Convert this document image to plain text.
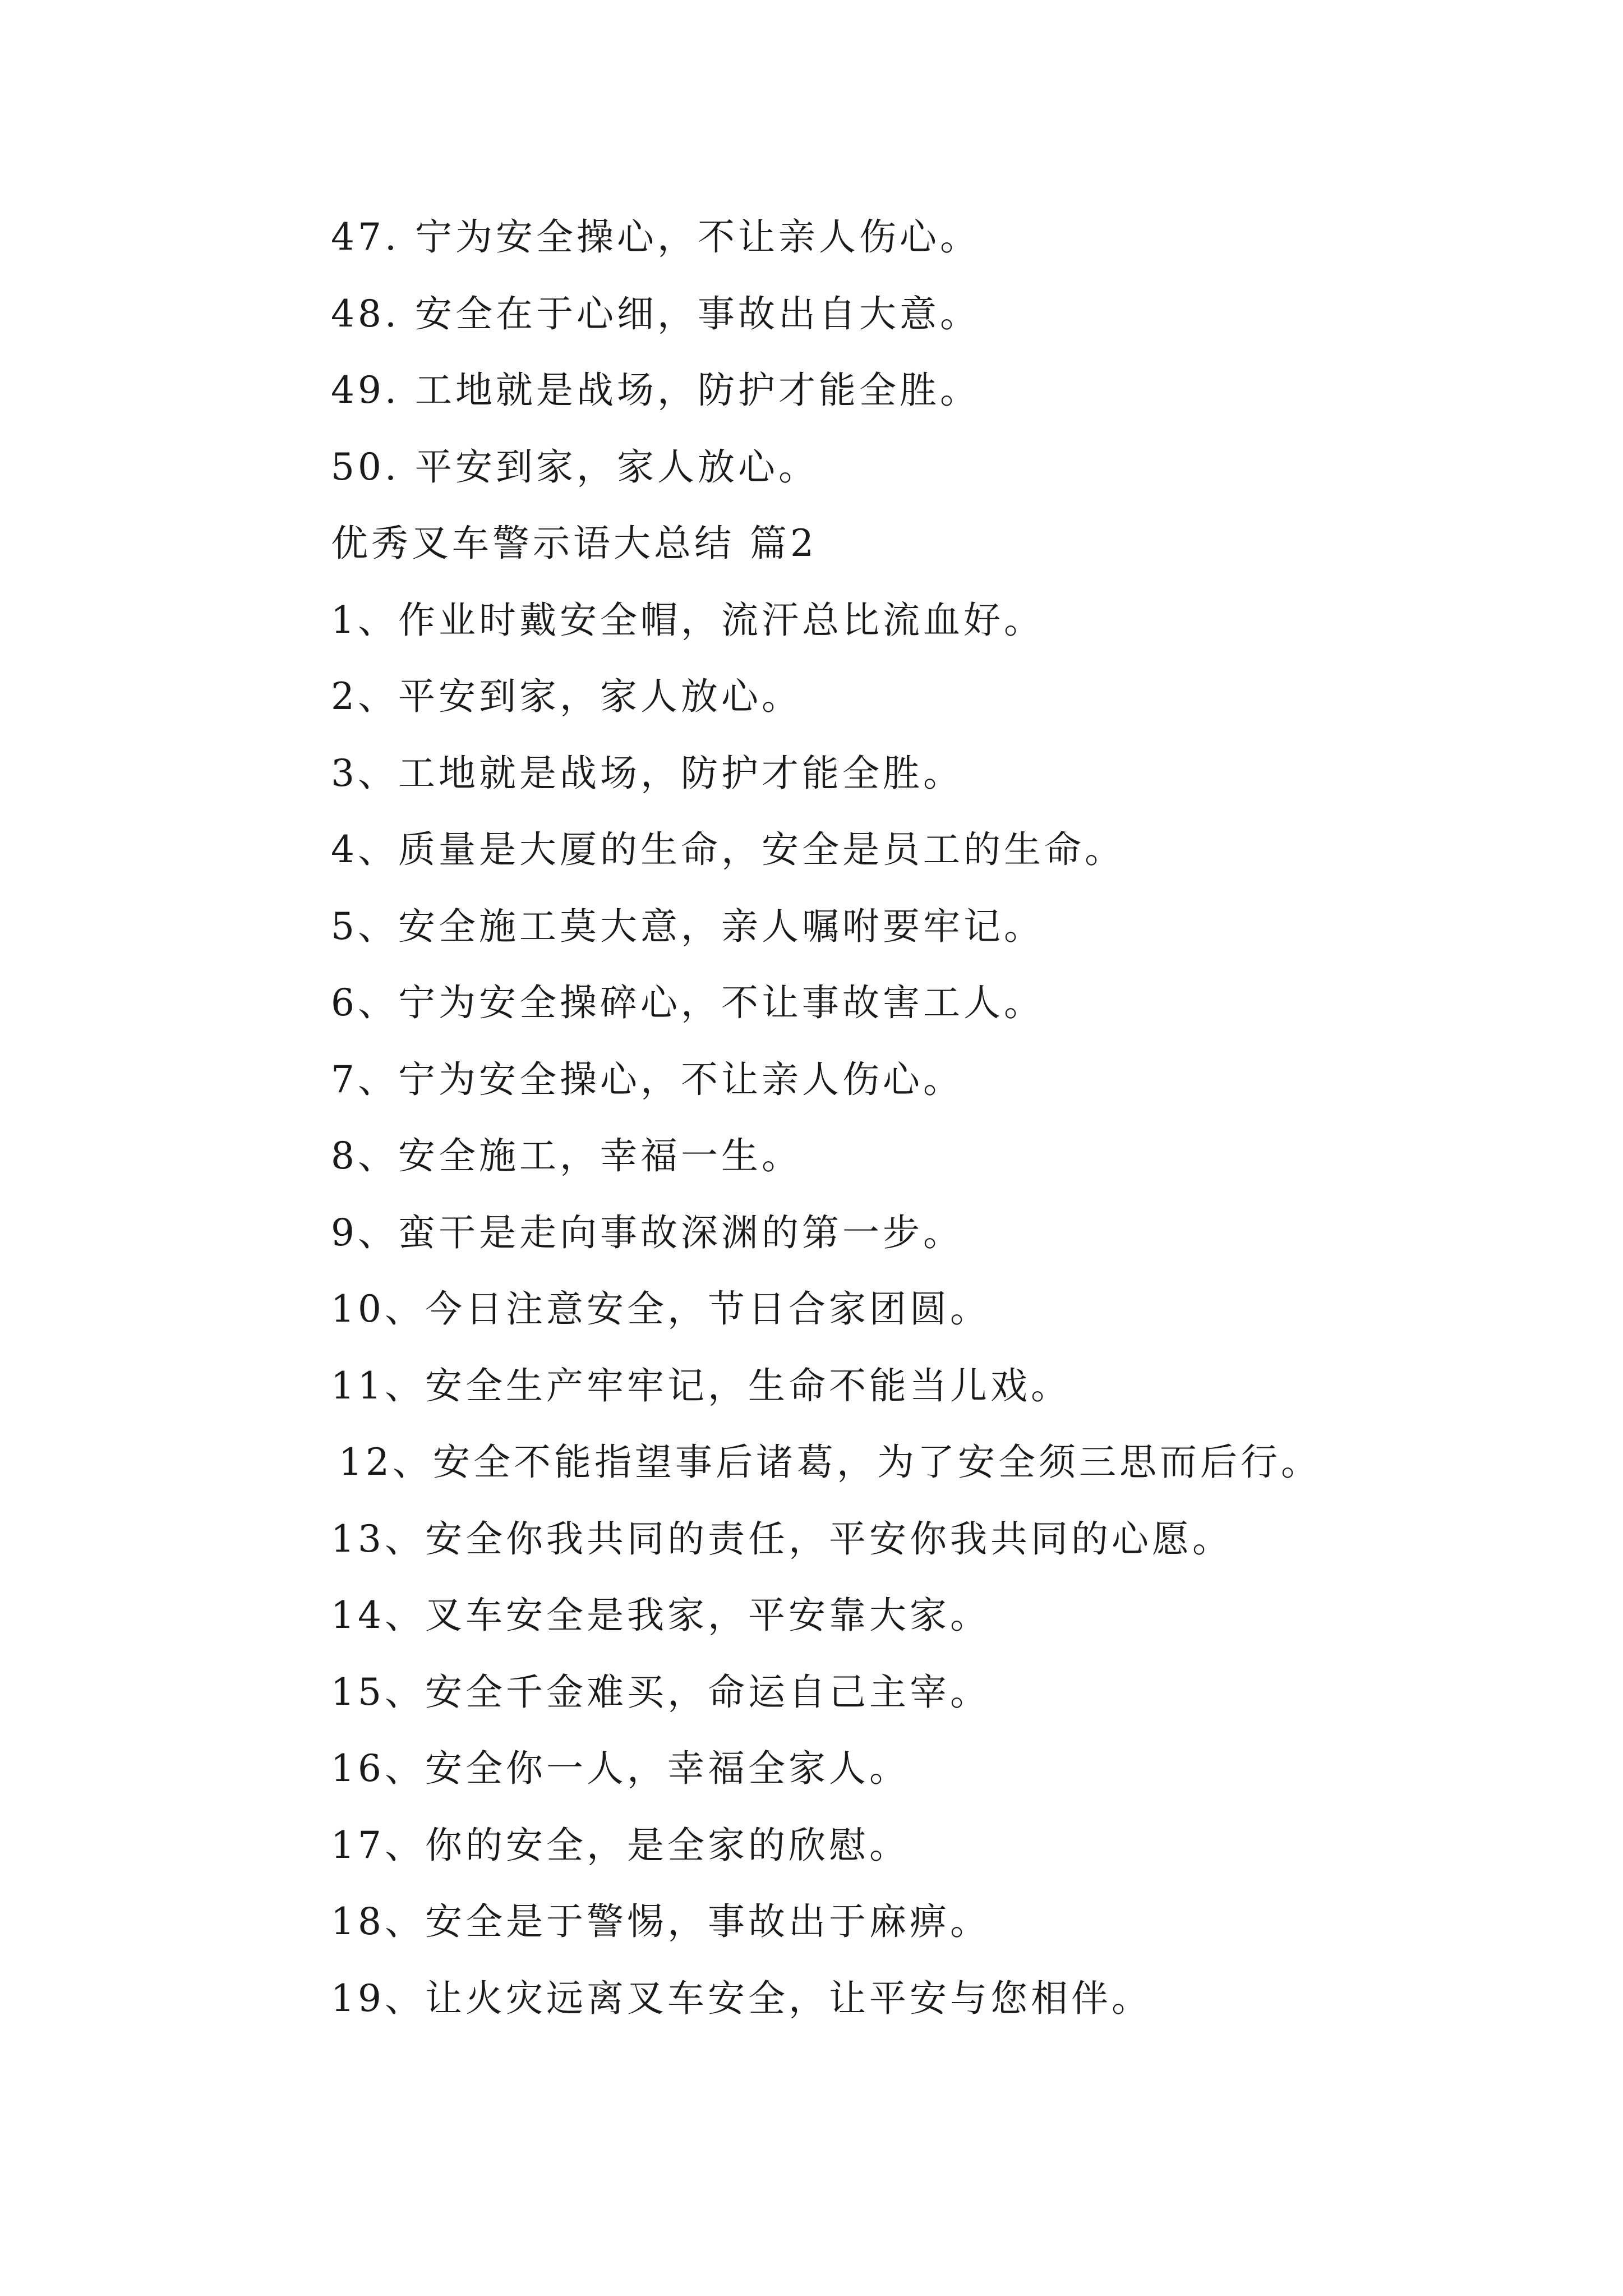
47. 宁为安全操心，不让亲人伤心。
48. 安全在于心细，事故出自大意。
49. 工地就是战场，防护才能全胜。
50. 平安到家，家人放心。
优秀叉车警示语大总结 篇2
1、作业时戴安全帽，流汗总比流血好。
2、平安到家，家人放心。
3、工地就是战场，防护才能全胜。
4、质量是大厦的生命，安全是员工的生命。
5、安全施工莫大意，亲人嘱咐要牢记。
6、宁为安全操碎心，不让事故害工人。
7、宁为安全操心，不让亲人伤心。
8、安全施工，幸福一生。
9、蛮干是走向事故深渊的第一步。
10、今日注意安全，节日合家团圆。
11、安全生产牢牢记，生命不能当儿戏。
12、安全不能指望事后诸葛，为了安全须三思而后行。
13、安全你我共同的责任，平安你我共同的心愿。
14、叉车安全是我家，平安靠大家。
15、安全千金难买，命运自己主宰。
16、安全你一人，幸福全家人。
17、你的安全，是全家的欣慰。
18、安全是于警惕，事故出于麻痹。
19、让火灾远离叉车安全，让平安与您相伴。
